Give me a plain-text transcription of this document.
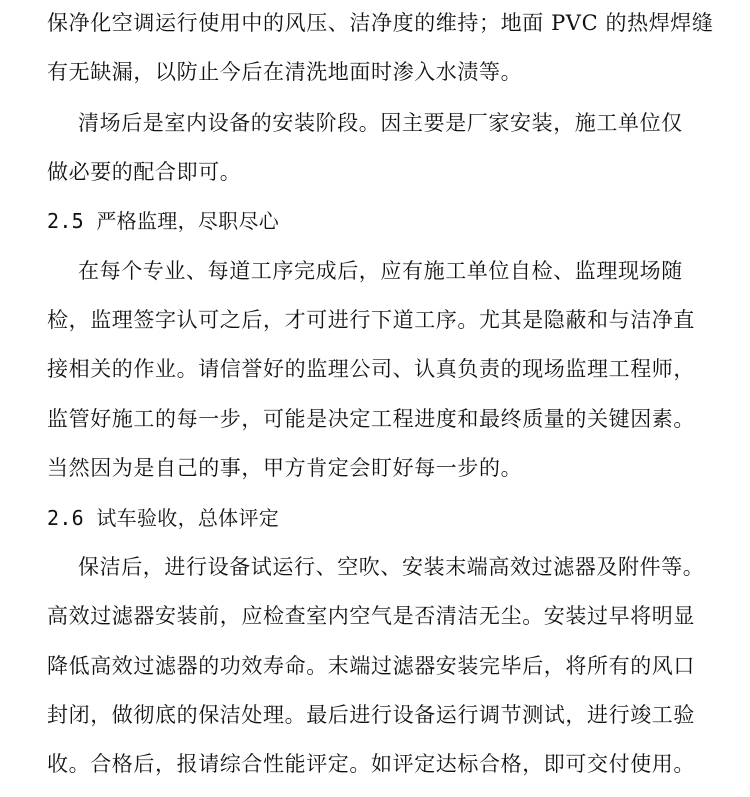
保净化空调运行使用中的风压、洁净度的维持；地面 PVC 的热焊焊缝
有无缺漏，以防止今后在清洗地面时渗入水渍等。
清场后是室内设备的安装阶段。因主要是厂家安装，施工单位仅
做必要的配合即可。
2.5 严格监理，尽职尽心
在每个专业、每道工序完成后，应有施工单位自检、监理现场随
检，监理签字认可之后，才可进行下道工序。尤其是隐蔽和与洁净直
接相关的作业。请信誉好的监理公司、认真负责的现场监理工程师，
监管好施工的每一步，可能是决定工程进度和最终质量的关键因素。
当然因为是自己的事，甲方肯定会盯好每一步的。
2.6 试车验收，总体评定
保洁后，进行设备试运行、空吹、安装末端高效过滤器及附件等。
高效过滤器安装前，应检查室内空气是否清洁无尘。安装过早将明显
降低高效过滤器的功效寿命。末端过滤器安装完毕后，将所有的风口
封闭，做彻底的保洁处理。最后进行设备运行调节测试，进行竣工验
收。合格后，报请综合性能评定。如评定达标合格，即可交付使用。
